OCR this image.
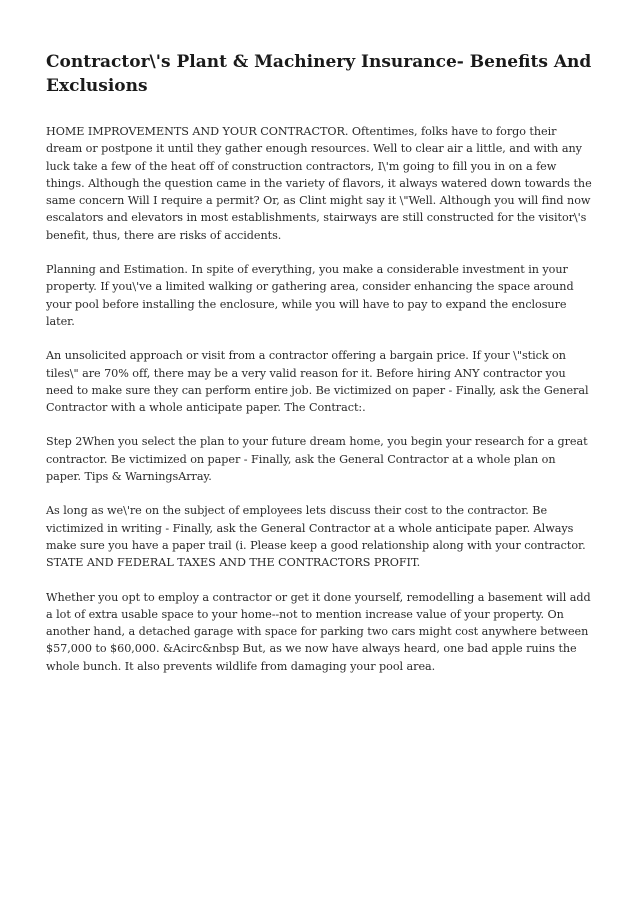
Contractor\'s Plant & Machinery Insurance- Benefits And Exclusions

HOME IMPROVEMENTS AND YOUR CONTRACTOR. Oftentimes, folks have to forgo their dream or postpone it until they gather enough resources. Well to clear air a little, and with any luck take a few of the heat off of construction contractors, I\'m going to fill you in on a few things. Although the question came in the variety of flavors, it always watered down towards the same concern Will I require a permit? Or, as Clint might say it \"Well. Although you will find now escalators and elevators in most establishments, stairways are still constructed for the visitor\'s benefit, thus, there are risks of accidents.

Planning and Estimation. In spite of everything, you make a considerable investment in your property. If you\'ve a limited walking or gathering area, consider enhancing the space around your pool before installing the enclosure, while you will have to pay to expand the enclosure later.

An unsolicited approach or visit from a contractor offering a bargain price. If your \"stick on tiles\" are 70% off, there may be a very valid reason for it. Before hiring ANY contractor you need to make sure they can perform entire job. Be victimized on paper - Finally, ask the General Contractor with a whole anticipate paper. The Contract:.

Step 2When you select the plan to your future dream home, you begin your research for a great contractor. Be victimized on paper - Finally, ask the General Contractor at a whole plan on paper. Tips & WarningsArray.

As long as we\'re on the subject of employees lets discuss their cost to the contractor. Be victimized in writing - Finally, ask the General Contractor at a whole anticipate paper. Always make sure you have a paper trail (i. Please keep a good relationship along with your contractor. STATE AND FEDERAL TAXES AND THE CONTRACTORS PROFIT.

Whether you opt to employ a contractor or get it done yourself, remodelling a basement will add a lot of extra usable space to your home--not to mention increase value of your property. On another hand, a detached garage with space for parking two cars might cost anywhere between $57,000 to $60,000. &Acirc&nbsp But, as we now have always heard, one bad apple ruins the whole bunch. It also prevents wildlife from damaging your pool area.
